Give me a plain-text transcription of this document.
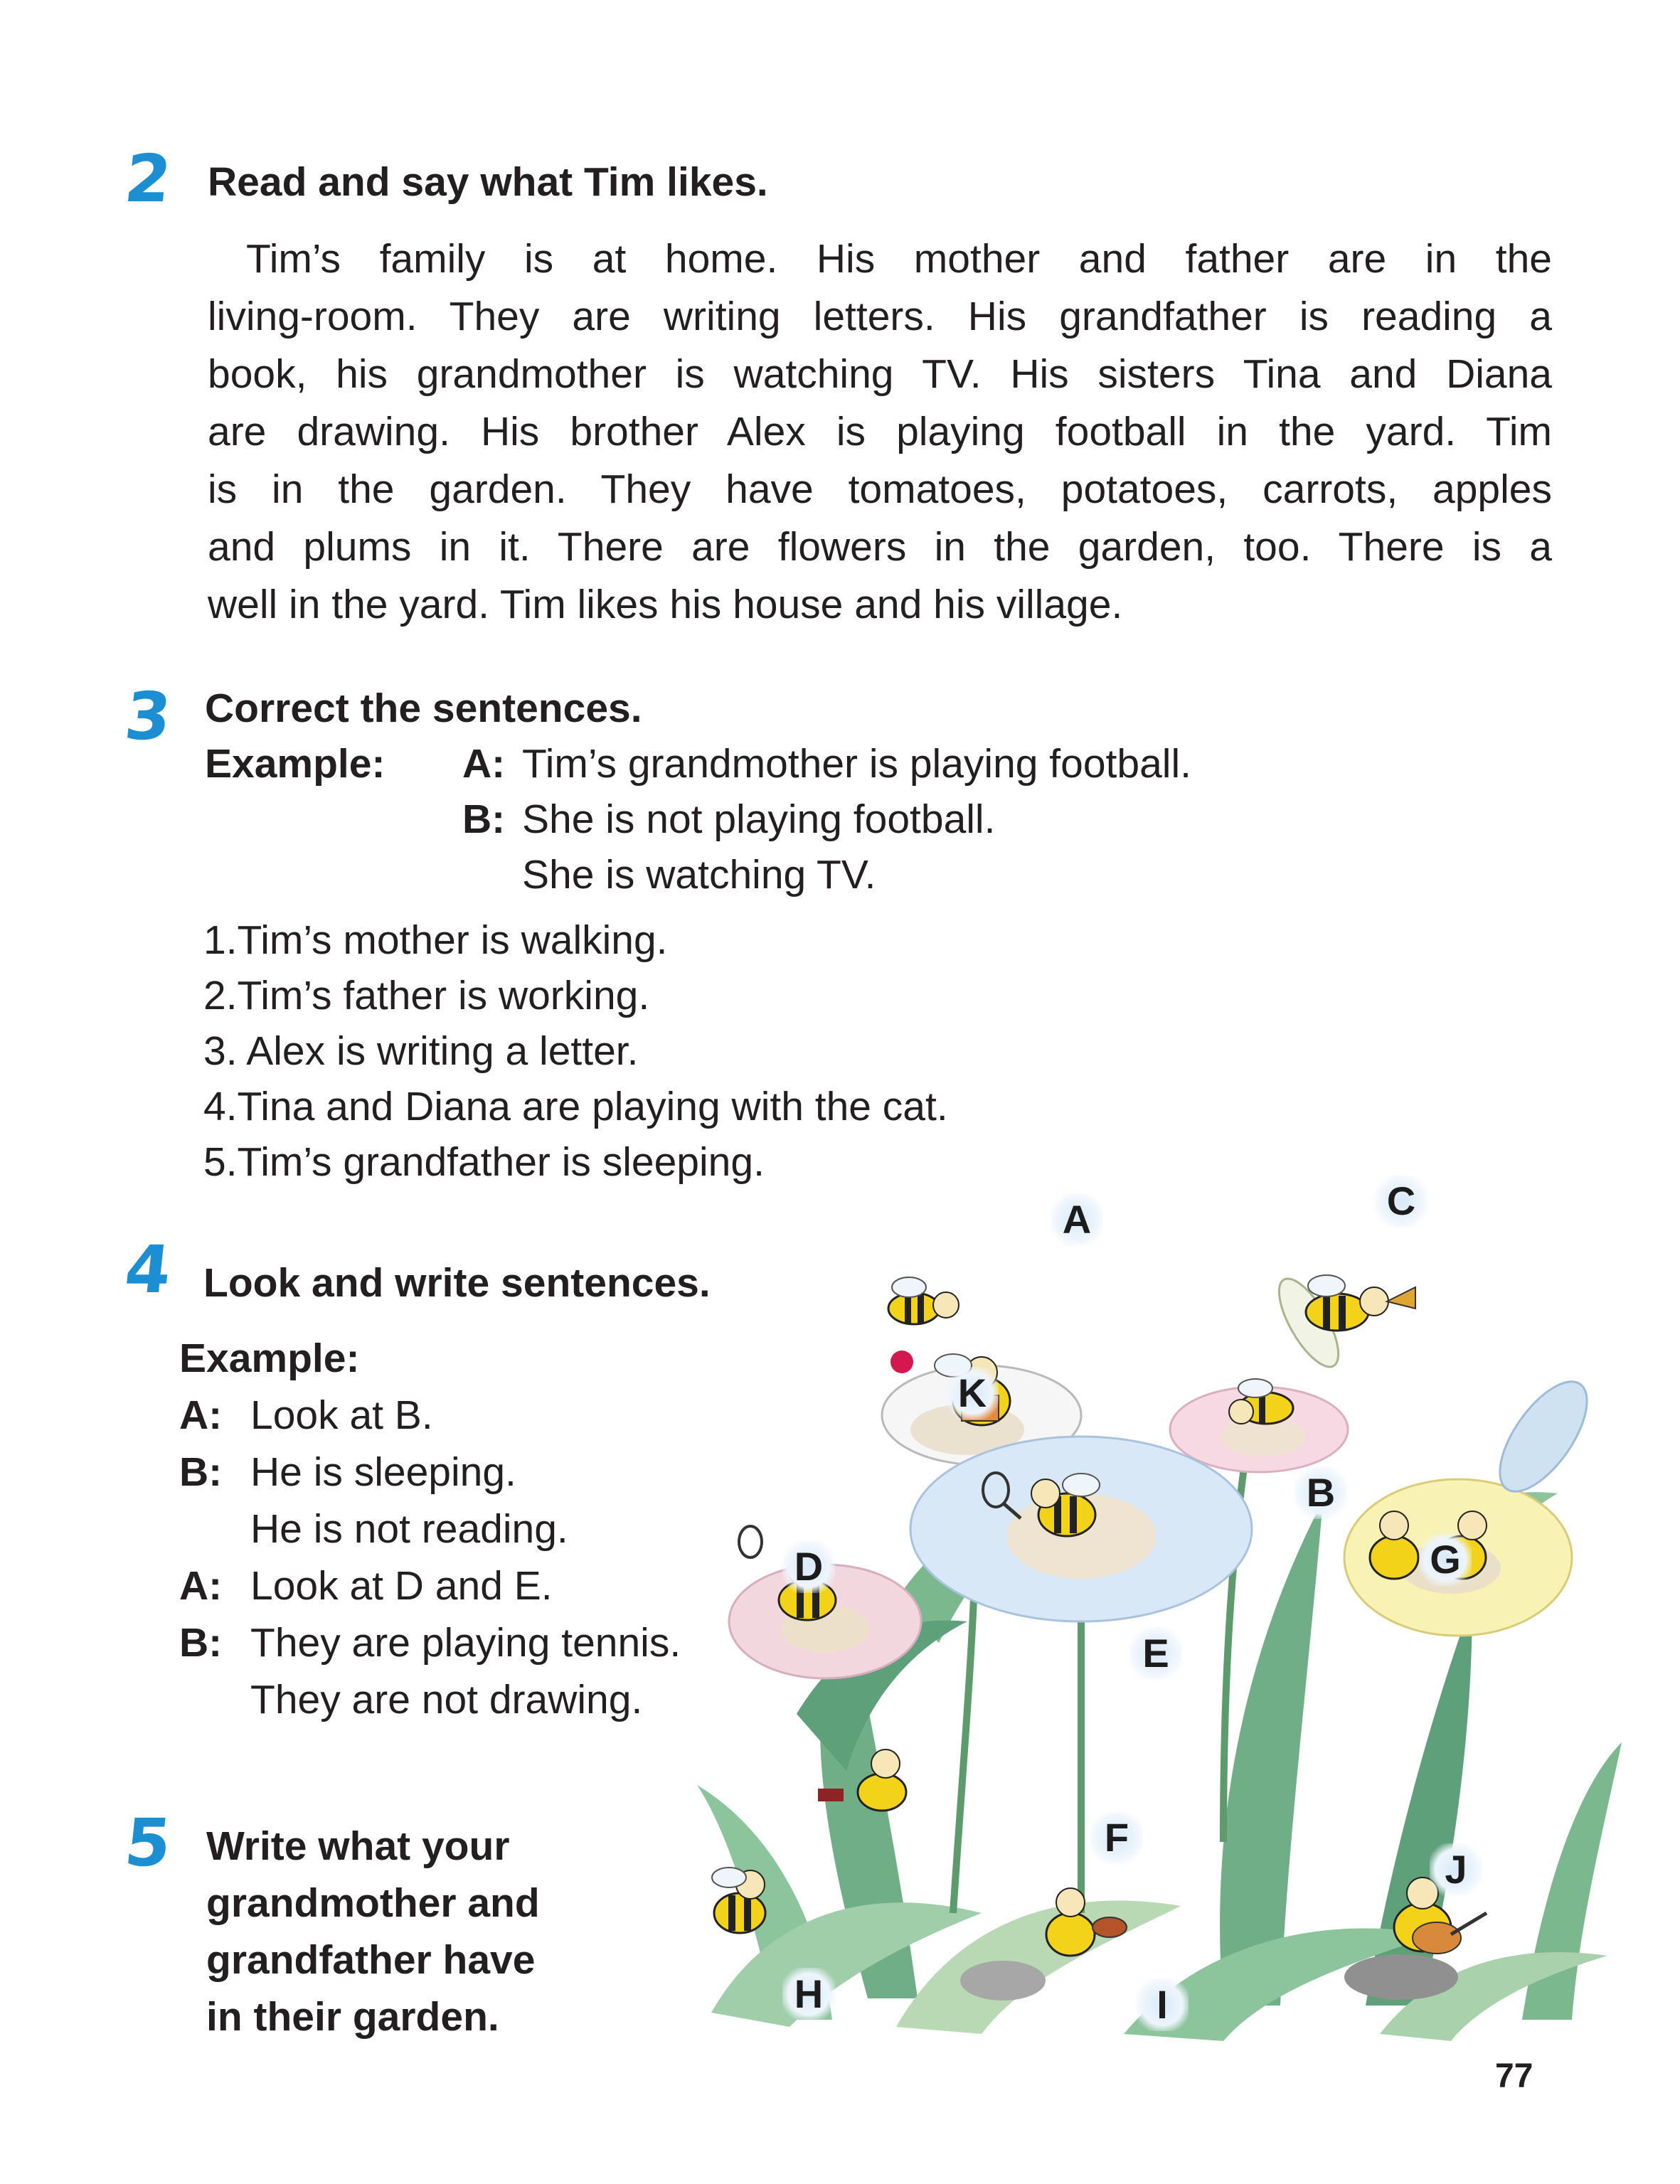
2 Read and say what Tim likes.
Tim’s family is at home. His mother and father are in the
living-room. They are writing letters. His grandfather is reading a
book, his grandmother is watching TV. His sisters Tina and Diana
are drawing. His brother Alex is playing football in the yard. Tim
is in the garden. They have tomatoes, potatoes, carrots, apples
and plums in it. There are flowers in the garden, too. There is a
well in the yard. Tim likes his house and his village.
3 Correct the sentences.
Example: A: Tim’s grandmother is playing football.
B: She is not playing football.
She is watching TV.
1.Tim’s mother is walking.
2.Tim’s father is working.
3. Alex is writing a letter.
4.Tina and Diana are playing with the cat.
5.Tim’s grandfather is sleeping.
A
B
C
D
E
F
G
H	I
J
K
4 Look and write sentences.
Example:
A: Look at B.
B: He is sleeping.
He is not reading.
A: Look at D and E.
B: They are playing tennis.
They are not drawing.
5 Write what your
grandmother and
grandfather have
in their garden.
77
